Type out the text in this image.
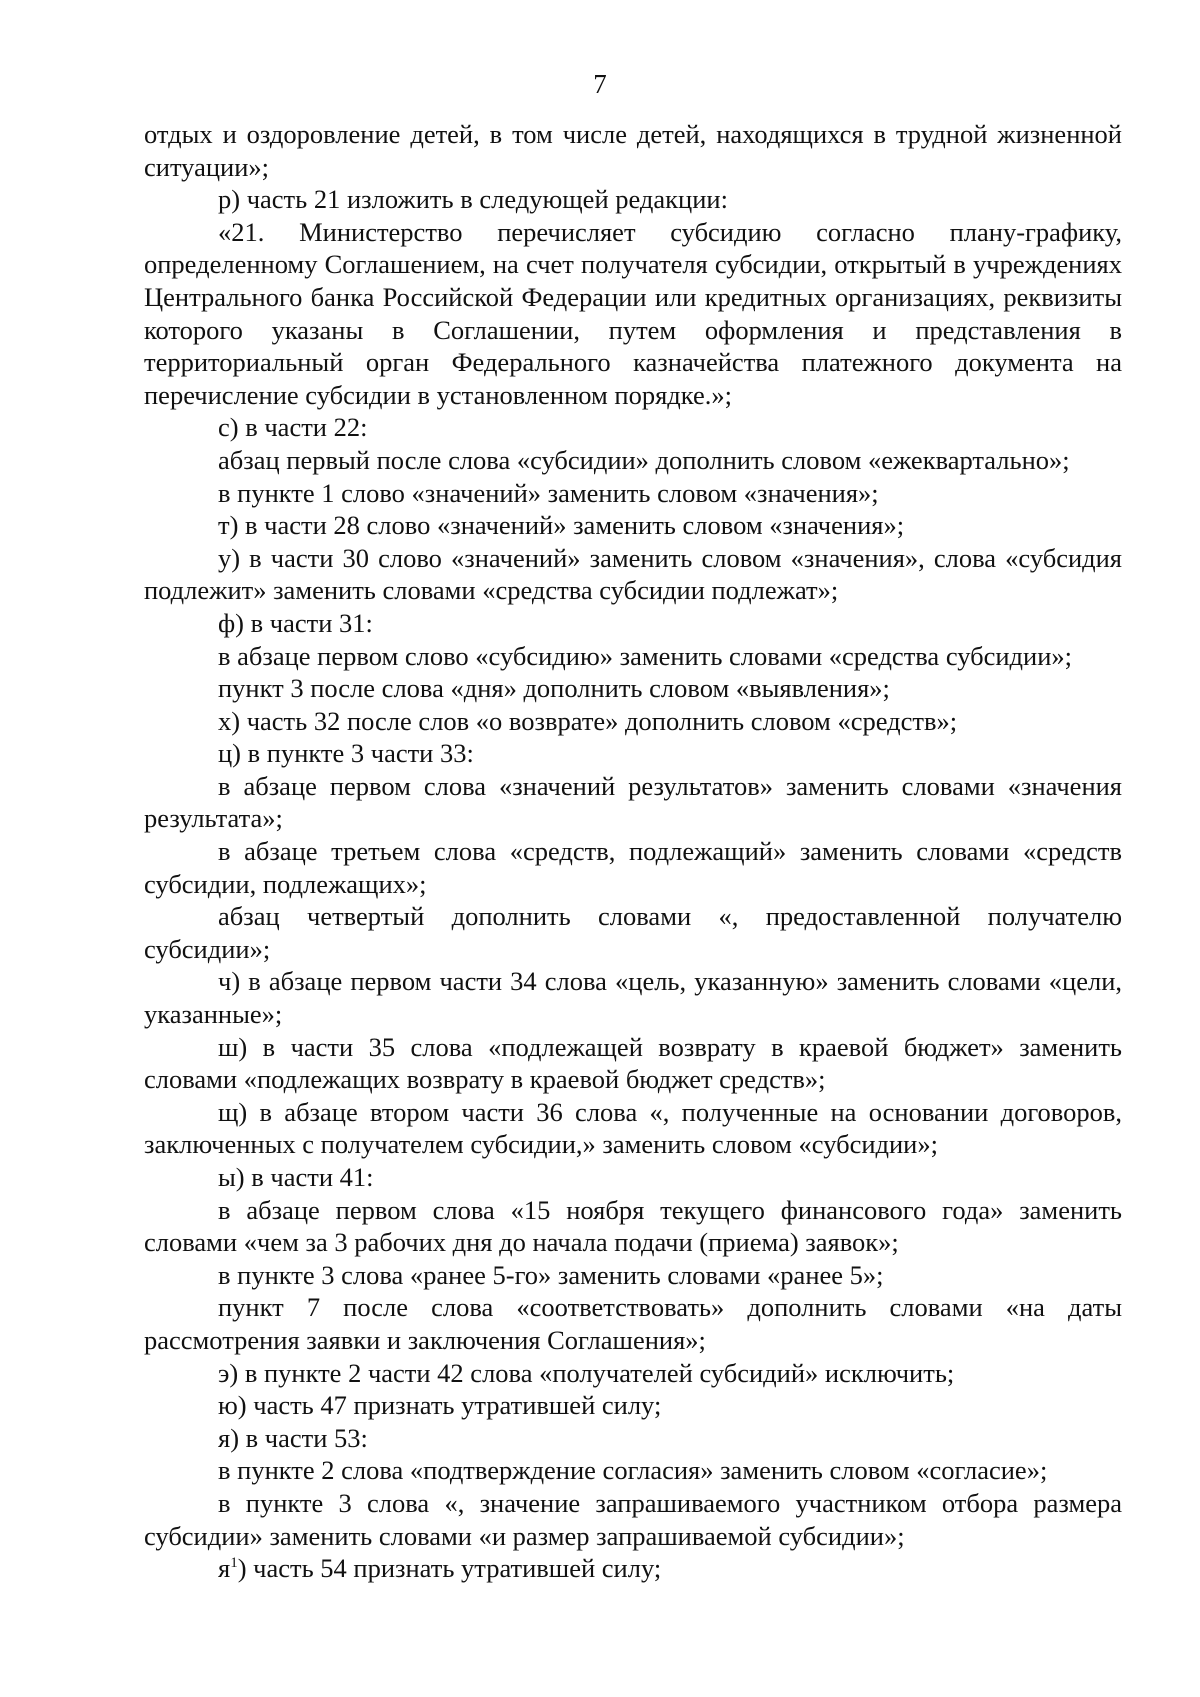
7

отдых и оздоровление детей, в том числе детей, находящихся в трудной жизненной ситуации»;

р) часть 21 изложить в следующей редакции:

«21. Министерство перечисляет субсидию согласно плану-графику, определенному Соглашением, на счет получателя субсидии, открытый в учреждениях Центрального банка Российской Федерации или кредитных организациях, реквизиты которого указаны в Соглашении, путем оформления и представления в территориальный орган Федерального казначейства платежного документа на перечисление субсидии в установленном порядке.»;

с) в части 22:

абзац первый после слова «субсидии» дополнить словом «ежеквартально»;

в пункте 1 слово «значений» заменить словом «значения»;

т) в части 28 слово «значений» заменить словом «значения»;

у) в части 30 слово «значений» заменить словом «значения», слова «субсидия подлежит» заменить словами «средства субсидии подлежат»;

ф) в части 31:

в абзаце первом слово «субсидию» заменить словами «средства субсидии»;

пункт 3 после слова «дня» дополнить словом «выявления»;

х) часть 32 после слов «о возврате» дополнить словом «средств»;

ц) в пункте 3 части 33:

в абзаце первом слова «значений результатов» заменить словами «значения результата»;

в абзаце третьем слова «средств, подлежащий» заменить словами «средств субсидии, подлежащих»;

абзац четвертый дополнить словами «, предоставленной получателю субсидии»;

ч) в абзаце первом части 34 слова «цель, указанную» заменить словами «цели, указанные»;

ш) в части 35 слова «подлежащей возврату в краевой бюджет» заменить словами «подлежащих возврату в краевой бюджет средств»;

щ) в абзаце втором части 36 слова «, полученные на основании договоров, заключенных с получателем субсидии,» заменить словом «субсидии»;

ы) в части 41:

в абзаце первом слова «15 ноября текущего финансового года» заменить словами «чем за 3 рабочих дня до начала подачи (приема) заявок»;

в пункте 3 слова «ранее 5-го» заменить словами «ранее 5»;

пункт 7 после слова «соответствовать» дополнить словами «на даты рассмотрения заявки и заключения Соглашения»;

э) в пункте 2 части 42 слова «получателей субсидий» исключить;

ю) часть 47 признать утратившей силу;

я) в части 53:

в пункте 2 слова «подтверждение согласия» заменить словом «согласие»;

в пункте 3 слова «, значение запрашиваемого участником отбора размера субсидии» заменить словами «и размер запрашиваемой субсидии»;

$я^1$) часть 54 признать утратившей силу;
